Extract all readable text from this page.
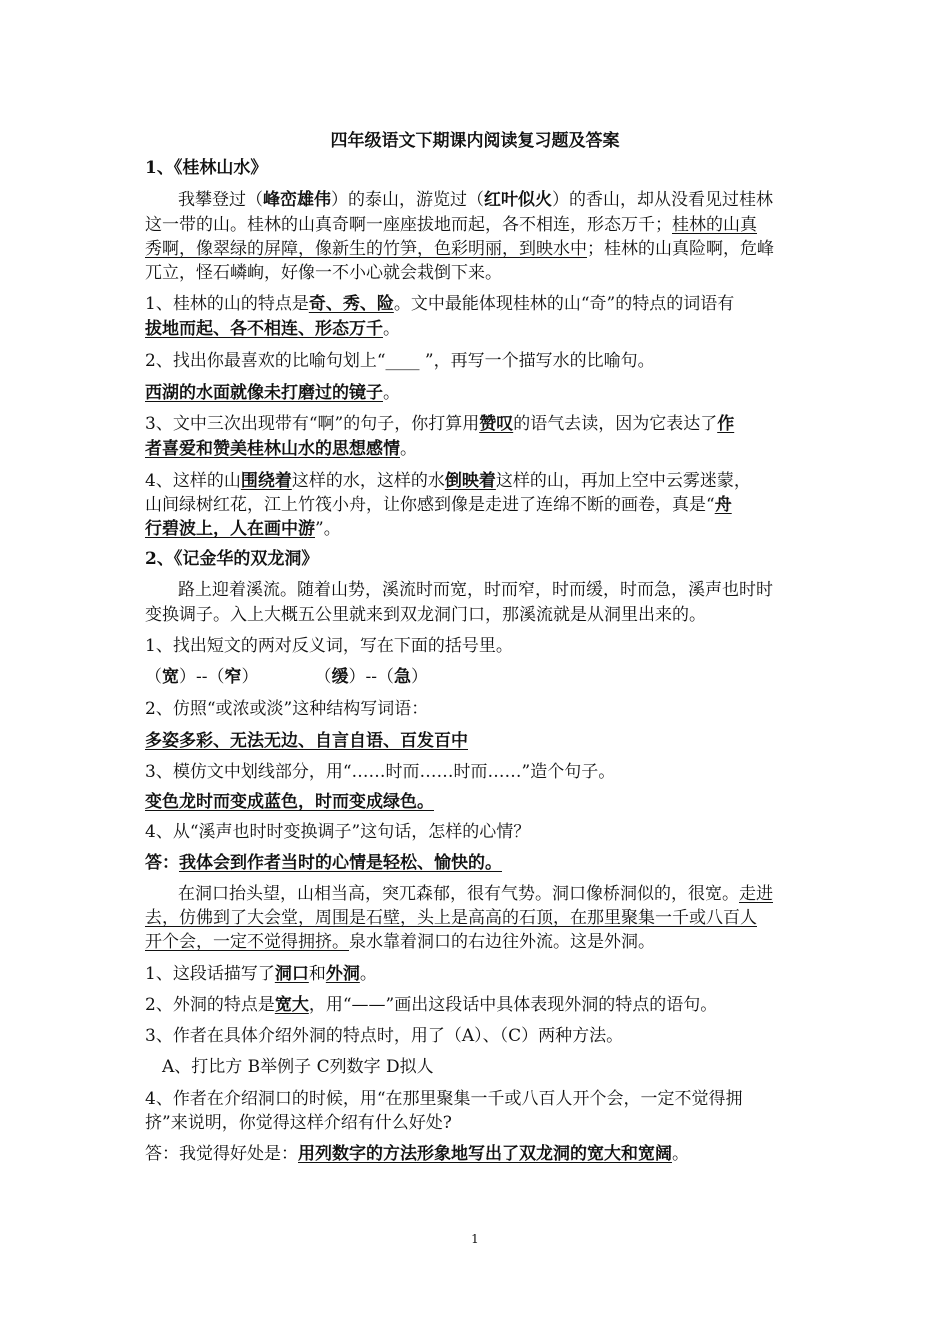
四年级语文下期课内阅读复习题及答案
1、《桂林山水》
我攀登过（峰峦雄伟）的泰山，游览过（红叶似火）的香山，却从没看见过桂林
这一带的山。桂林的山真奇啊一座座拔地而起，各不相连，形态万千；桂林的山真
秀啊，像翠绿的屏障，像新生的竹笋，色彩明丽，到映水中；桂林的山真险啊，危峰
兀立，怪石嶙峋，好像一不小心就会栽倒下来。
1、桂林的山的特点是奇、秀、险。文中最能体现桂林的山“奇”的特点的词语有
拔地而起、各不相连、形态万千。
2、找出你最喜欢的比喻句划上“____ ”，再写一个描写水的比喻句。
西湖的水面就像未打磨过的镜子。
3、文中三次出现带有“啊”的句子，你打算用赞叹的语气去读，因为它表达了作
者喜爱和赞美桂林山水的思想感情。
4、这样的山围绕着这样的水，这样的水倒映着这样的山，再加上空中云雾迷蒙，
山间绿树红花，江上竹筏小舟，让你感到像是走进了连绵不断的画卷，真是“舟
行碧波上，人在画中游”。
2、《记金华的双龙洞》
路上迎着溪流。随着山势，溪流时而宽，时而窄，时而缓，时而急，溪声也时时
变换调子。入上大概五公里就来到双龙洞门口，那溪流就是从洞里出来的。
1、找出短文的两对反义词，写在下面的括号里。
（宽）--（窄）	（缓）--（急）
2、仿照“或浓或淡”这种结构写词语：
多姿多彩、无法无边、自言自语、百发百中
3、模仿文中划线部分，用“……时而……时而……”造个句子。
变色龙时而变成蓝色，时而变成绿色。
4、从“溪声也时时变换调子”这句话，怎样的心情？
答：我体会到作者当时的心情是轻松、愉快的。
在洞口抬头望，山相当高，突兀森郁，很有气势。洞口像桥洞似的，很宽。走进
去，仿佛到了大会堂，周围是石壁，头上是高高的石顶，在那里聚集一千或八百人
开个会，一定不觉得拥挤。泉水靠着洞口的右边往外流。这是外洞。
1、这段话描写了洞口和外洞。
2、外洞的特点是宽大，用“——”画出这段话中具体表现外洞的特点的语句。
3、作者在具体介绍外洞的特点时，用了（A）、（C）两种方法。
A、打比方 B举例子 C列数字 D拟人
4、作者在介绍洞口的时候，用“在那里聚集一千或八百人开个会，一定不觉得拥
挤”来说明，你觉得这样介绍有什么好处?
答：我觉得好处是：用列数字的方法形象地写出了双龙洞的宽大和宽阔。
1
